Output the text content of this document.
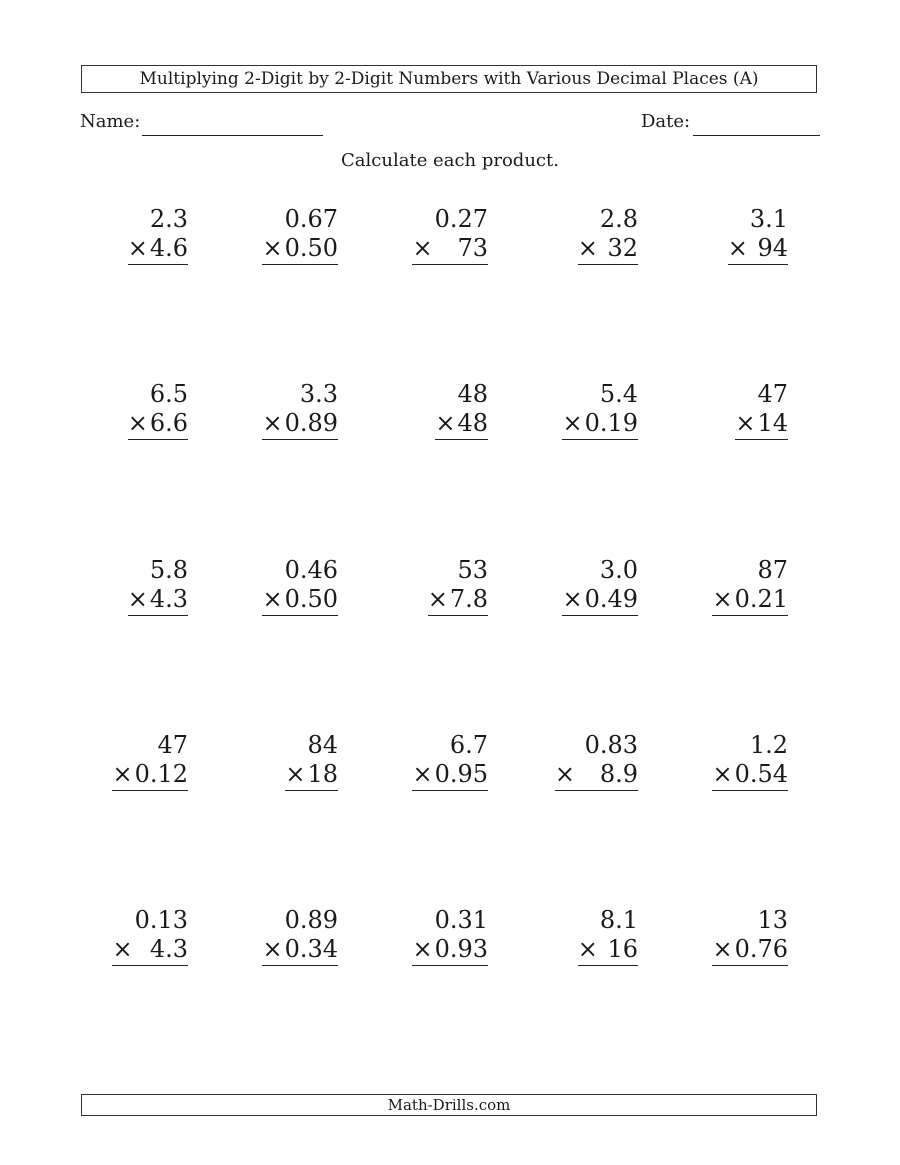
Multiplying 2-Digit by 2-Digit Numbers with Various Decimal Places (A)
Name:	Date:
Calculate each product.
2.3
× 4.6
0.67
× 0.50
0.27
× 73
2.8
× 32
3.1
× 94
6.5
× 6.6
3.3
× 0.89
48
× 48
5.4
× 0.19
47
× 14
5.8
× 4.3
0.46
× 0.50
53
× 7.8
3.0
× 0.49
87
× 0.21
47
× 0.12
84
× 18
6.7
× 0.95
0.83
× 8.9
1.2
× 0.54
0.13
× 4.3
0.89
× 0.34
0.31
× 0.93
8.1
× 16
13
× 0.76
Math-Drills.com
